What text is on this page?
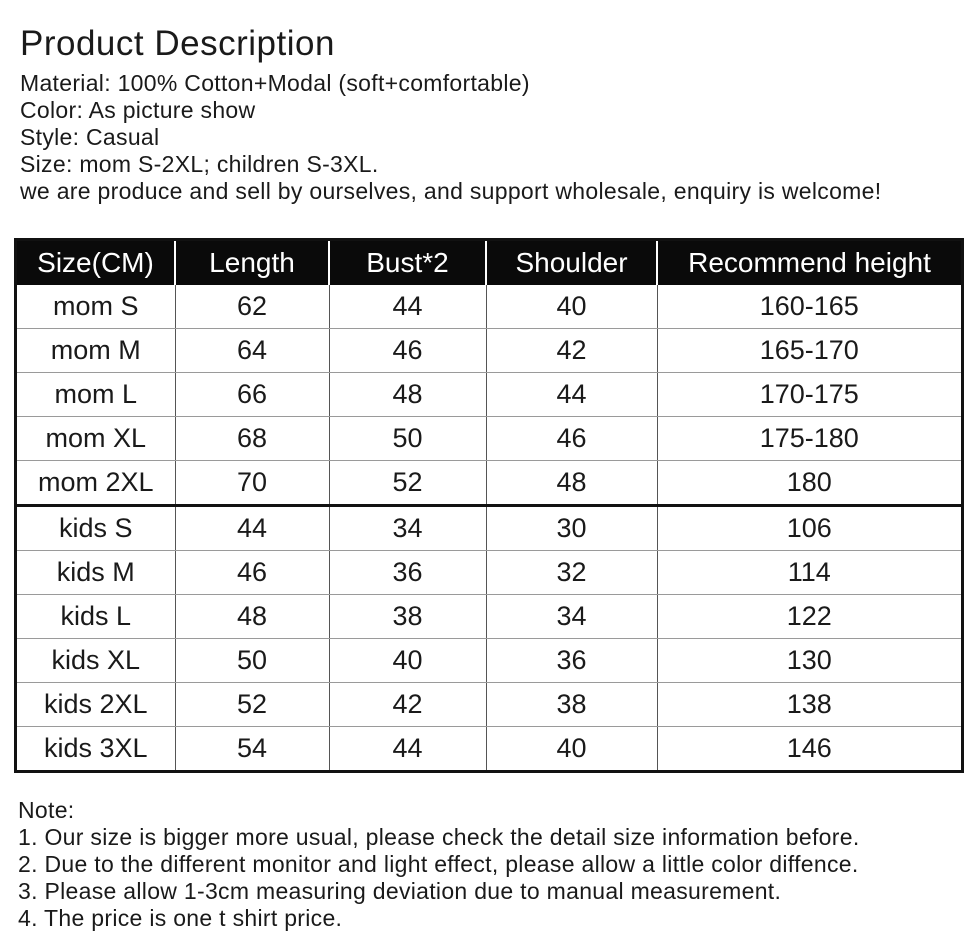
Product Description
Material: 100% Cotton+Modal (soft+comfortable)
Color: As picture show
Style: Casual
Size: mom S-2XL; children S-3XL.
we are produce and sell by ourselves, and support wholesale, enquiry is welcome!
Size(CM)	Length	Bust*2	Shoulder	Recommend height
mom S	62	44	40	160-165
mom M	64	46	42	165-170
mom L	66	48	44	170-175
mom XL	68	50	46	175-180
mom 2XL	70	52	48	180
kids S	44	34	30	106
kids M	46	36	32	114
kids L	48	38	34	122
kids XL	50	40	36	130
kids 2XL	52	42	38	138
kids 3XL	54	44	40	146
Note:
1. Our size is bigger more usual, please check the detail size information before.
2. Due to the different monitor and light effect, please allow a little color diffence.
3. Please allow 1-3cm measuring deviation due to manual measurement.
4. The price is one t shirt price.
